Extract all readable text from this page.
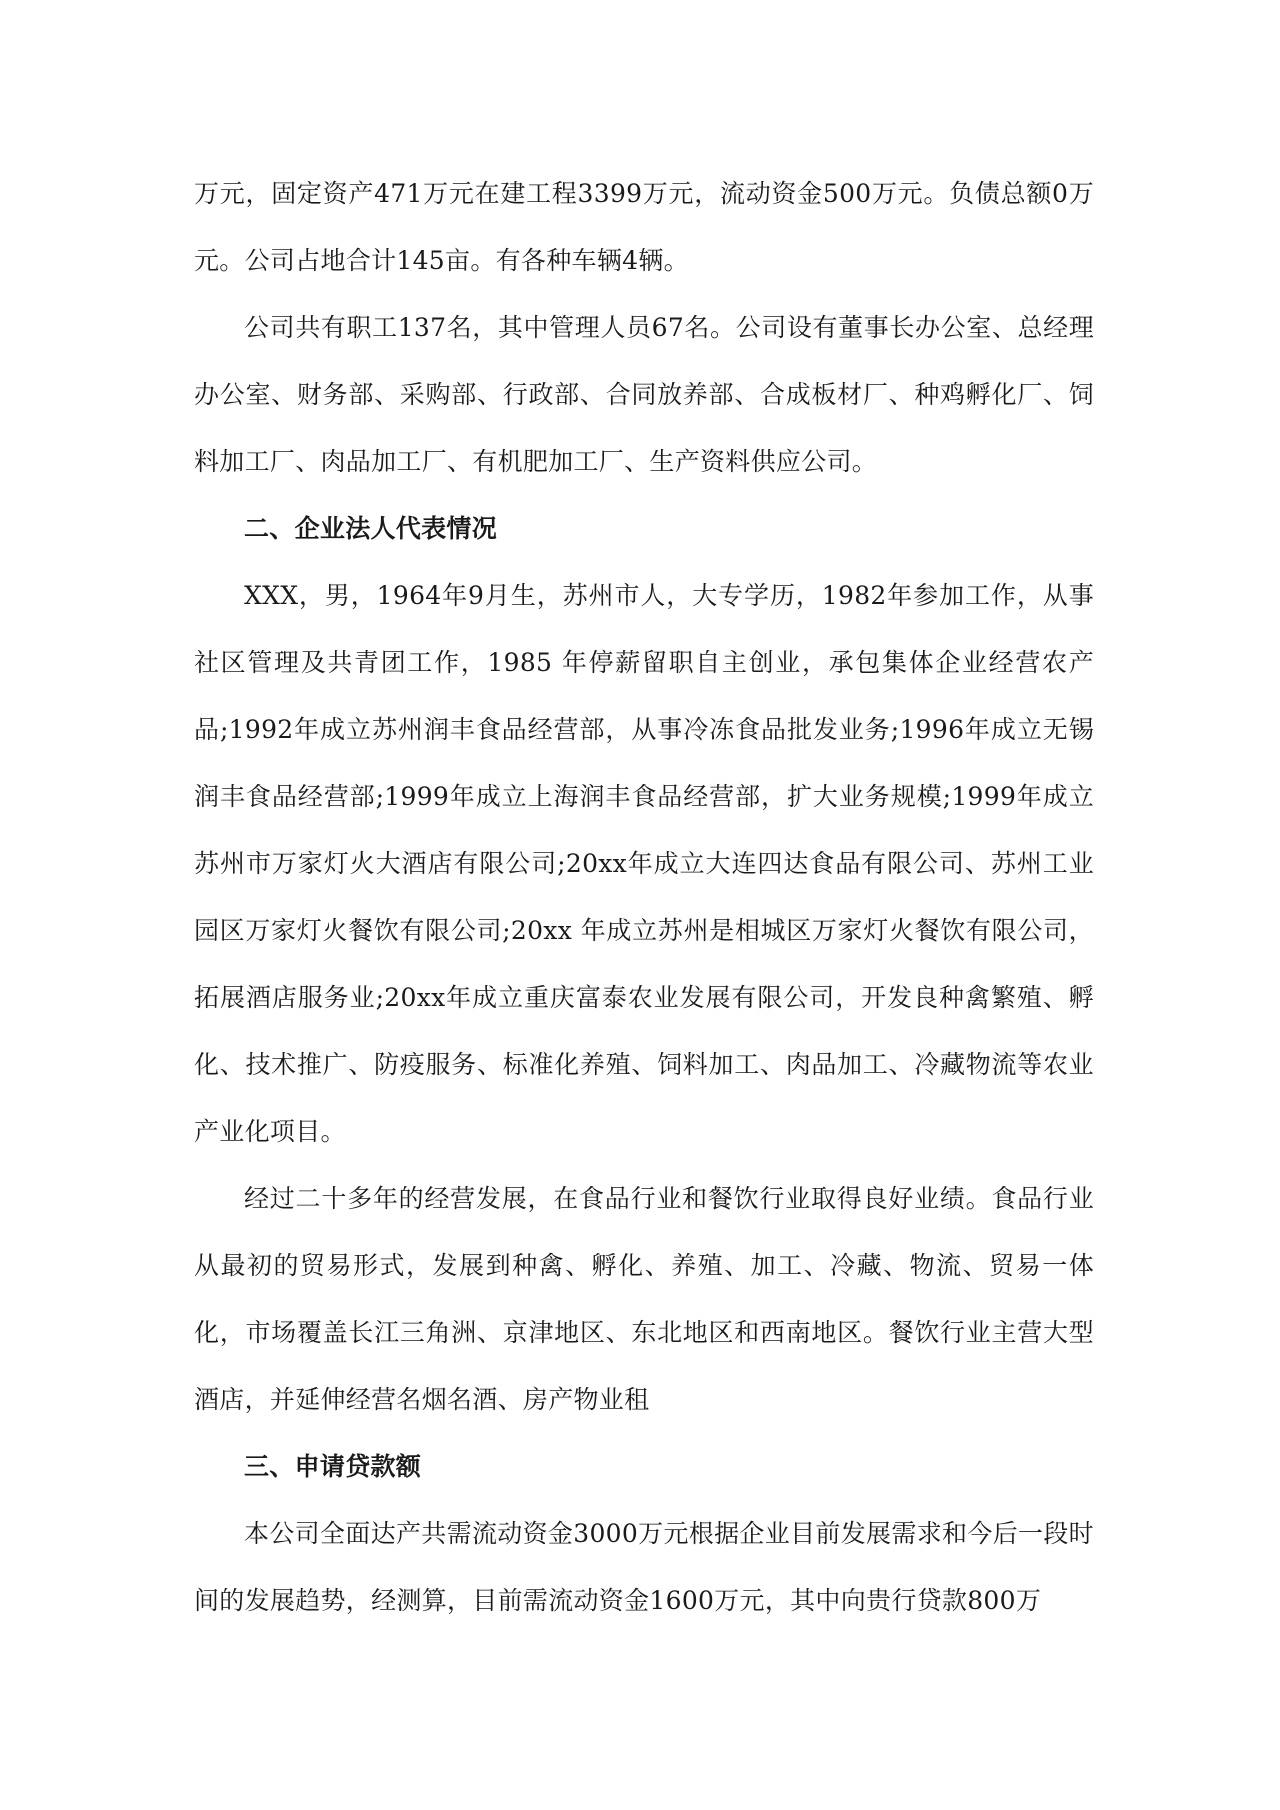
万元，固定资产471万元在建工程3399万元，流动资金500万元。负债总额0万元。公司占地合计145亩。有各种车辆4辆。

公司共有职工137名，其中管理人员67名。公司设有董事长办公室、总经理办公室、财务部、采购部、行政部、合同放养部、合成板材厂、种鸡孵化厂、饲料加工厂、肉品加工厂、有机肥加工厂、生产资料供应公司。

二、企业法人代表情况

XXX，男，1964年9月生，苏州市人，大专学历，1982年参加工作，从事社区管理及共青团工作，1985 年停薪留职自主创业，承包集体企业经营农产品;1992年成立苏州润丰食品经营部，从事冷冻食品批发业务;1996年成立无锡润丰食品经营部;1999年成立上海润丰食品经营部，扩大业务规模;1999年成立苏州市万家灯火大酒店有限公司;20xx年成立大连四达食品有限公司、苏州工业园区万家灯火餐饮有限公司;20xx 年成立苏州是相城区万家灯火餐饮有限公司，拓展酒店服务业;20xx年成立重庆富泰农业发展有限公司，开发良种禽繁殖、孵化、技术推广、防疫服务、标准化养殖、饲料加工、肉品加工、冷藏物流等农业产业化项目。

经过二十多年的经营发展，在食品行业和餐饮行业取得良好业绩。食品行业从最初的贸易形式，发展到种禽、孵化、养殖、加工、冷藏、物流、贸易一体化，市场覆盖长江三角洲、京津地区、东北地区和西南地区。餐饮行业主营大型酒店，并延伸经营名烟名酒、房产物业租

三、申请贷款额

本公司全面达产共需流动资金3000万元根据企业目前发展需求和今后一段时间的发展趋势，经测算，目前需流动资金1600万元，其中向贵行贷款800万
